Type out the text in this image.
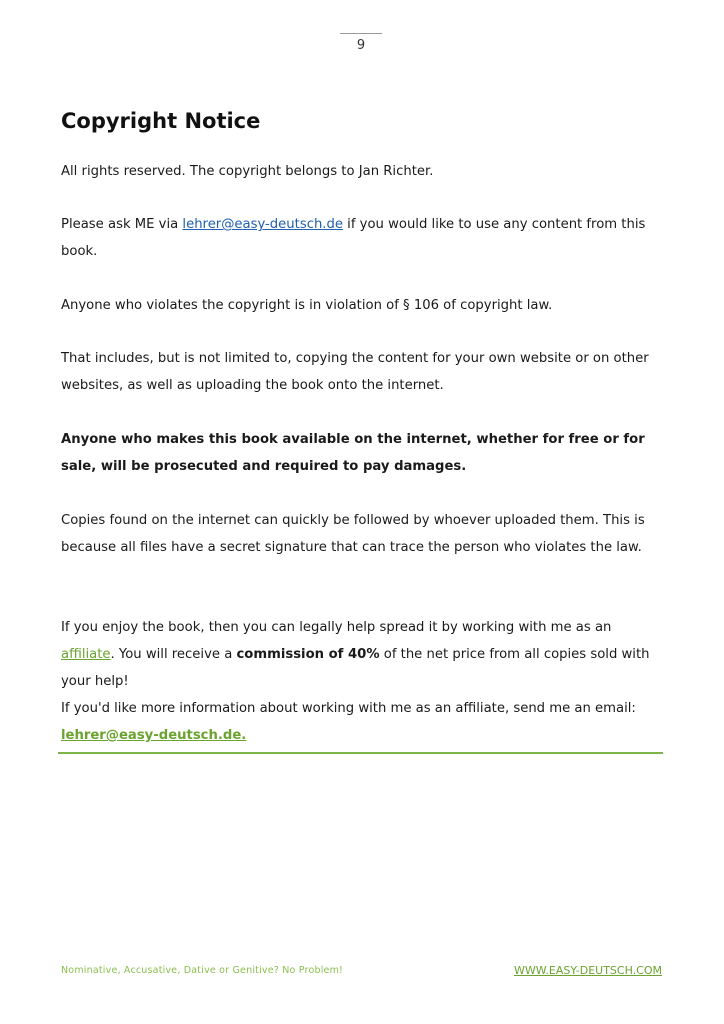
9
Copyright Notice

All rights reserved. The copyright belongs to Jan Richter.

Please ask ME via lehrer@easy-deutsch.de if you would like to use any content from this book.

Anyone who violates the copyright is in violation of § 106 of copyright law.

That includes, but is not limited to, copying the content for your own website or on other websites, as well as uploading the book onto the internet.

Anyone who makes this book available on the internet, whether for free or for sale, will be prosecuted and required to pay damages.

Copies found on the internet can quickly be followed by whoever uploaded them. This is because all files have a secret signature that can trace the person who violates the law.

If you enjoy the book, then you can legally help spread it by working with me as an affiliate. You will receive a commission of 40% of the net price from all copies sold with your help!
If you'd like more information about working with me as an affiliate, send me an email: lehrer@easy-deutsch.de.

Nominative, Accusative, Dative or Genitive? No Problem!	WWW.EASY-DEUTSCH.COM
